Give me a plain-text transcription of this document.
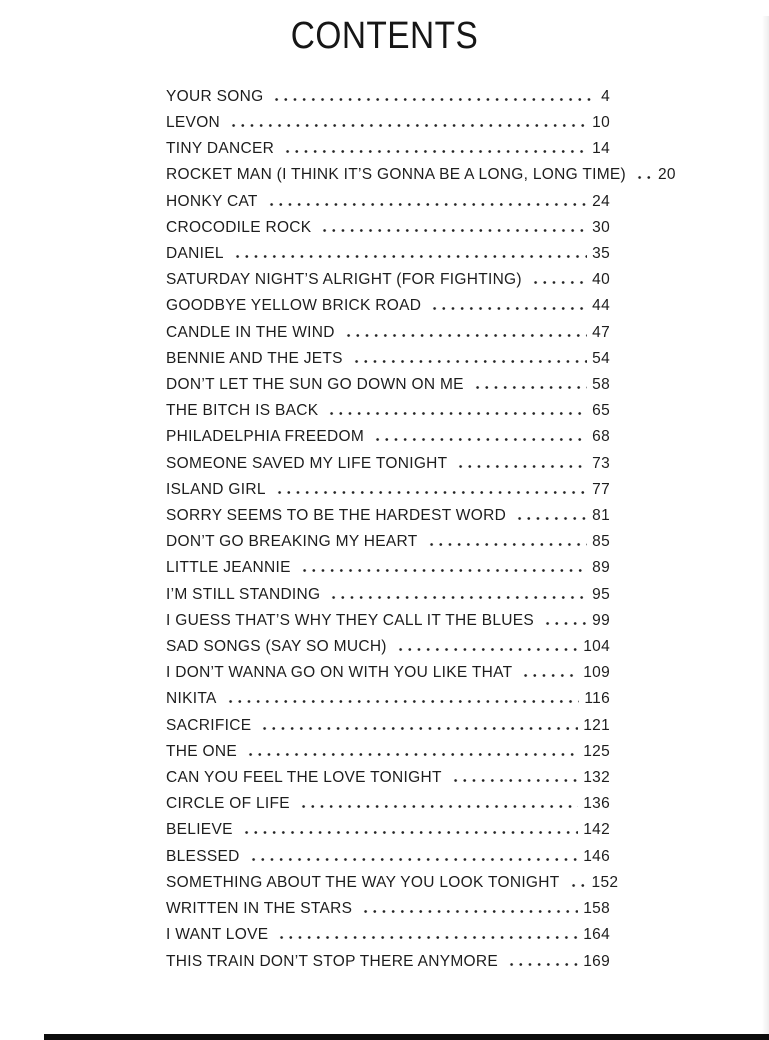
CONTENTS
YOUR SONG	4
LEVON	10
TINY DANCER	14
ROCKET MAN (I THINK IT’S GONNA BE A LONG, LONG TIME) 20
HONKY CAT	24
CROCODILE ROCK	30
DANIEL	35
SATURDAY NIGHT’S ALRIGHT (FOR FIGHTING)	40
GOODBYE YELLOW BRICK ROAD	44
CANDLE IN THE WIND	47
BENNIE AND THE JETS	54
DON’T LET THE SUN GO DOWN ON ME	58
THE BITCH IS BACK	65
PHILADELPHIA FREEDOM	68
SOMEONE SAVED MY LIFE TONIGHT	73
ISLAND GIRL	77
SORRY SEEMS TO BE THE HARDEST WORD	81
DON’T GO BREAKING MY HEART	85
LITTLE JEANNIE	89
I’M STILL STANDING	95
I GUESS THAT’S WHY THEY CALL IT THE BLUES	99
SAD SONGS (SAY SO MUCH)	104
I DON’T WANNA GO ON WITH YOU LIKE THAT	109
NIKITA	116
SACRIFICE	121
THE ONE	125
CAN YOU FEEL THE LOVE TONIGHT	132
CIRCLE OF LIFE	136
BELIEVE	142
BLESSED	146
SOMETHING ABOUT THE WAY YOU LOOK TONIGHT 152
WRITTEN IN THE STARS	158
I WANT LOVE	164
THIS TRAIN DON’T STOP THERE ANYMORE	169
